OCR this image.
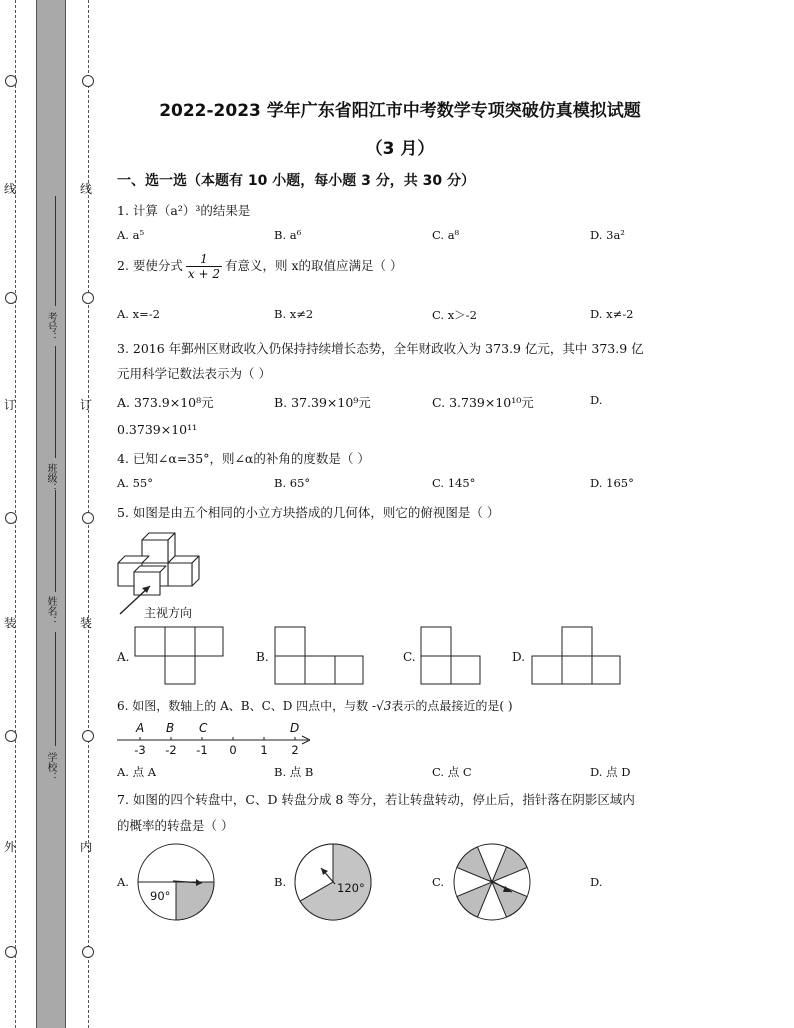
线
订
装
外
线
订
装
内
考号：
班级：
姓名：
学校：
2022-2023 学年广东省阳江市中考数学专项突破仿真模拟试题
（3 月）
一、选一选（本题有 10 小题，每小题 3 分，共 30 分）
1. 计算（a²）³的结果是
A. a⁵	B. a⁶	C. a⁸	D. 3a²
2. 要使分式 $\frac{1}{x + 2}$ 有意义，则 x的取值应满足（ ）
A. x=-2	B. x≠2	C. x＞-2	D. x≠-2
3. 2016 年鄞州区财政收入仍保持持续增长态势，全年财政收入为 373.9 亿元，其中 373.9 亿
元用科学记数法表示为（ ）
A. 373.9×10⁸元	B. 37.39×10⁹元	C. 3.739×10¹⁰元	D.
0.3739×10¹¹
4. 已知∠α=35°，则∠α的补角的度数是（ ）
A. 55°	B. 65°	C. 145°	D. 165°
5. 如图是由五个相同的小立方块搭成的几何体，则它的俯视图是（ ）
主视方向
A.	B.	C.	D.
6. 如图，数轴上的 A、B、C、D 四点中，与数 -√3表示的点最接近的是( )
A B C	D
-3 -2 -1 0 1 2
A. 点 A	B. 点 B	C. 点 C	D. 点 D
7. 如图的四个转盘中，C、D 转盘分成 8 等分，若让转盘转动，停止后，指针落在阴影区域内
的概率的转盘是（ ）
A.
90°
B.	120°	C.	D.
